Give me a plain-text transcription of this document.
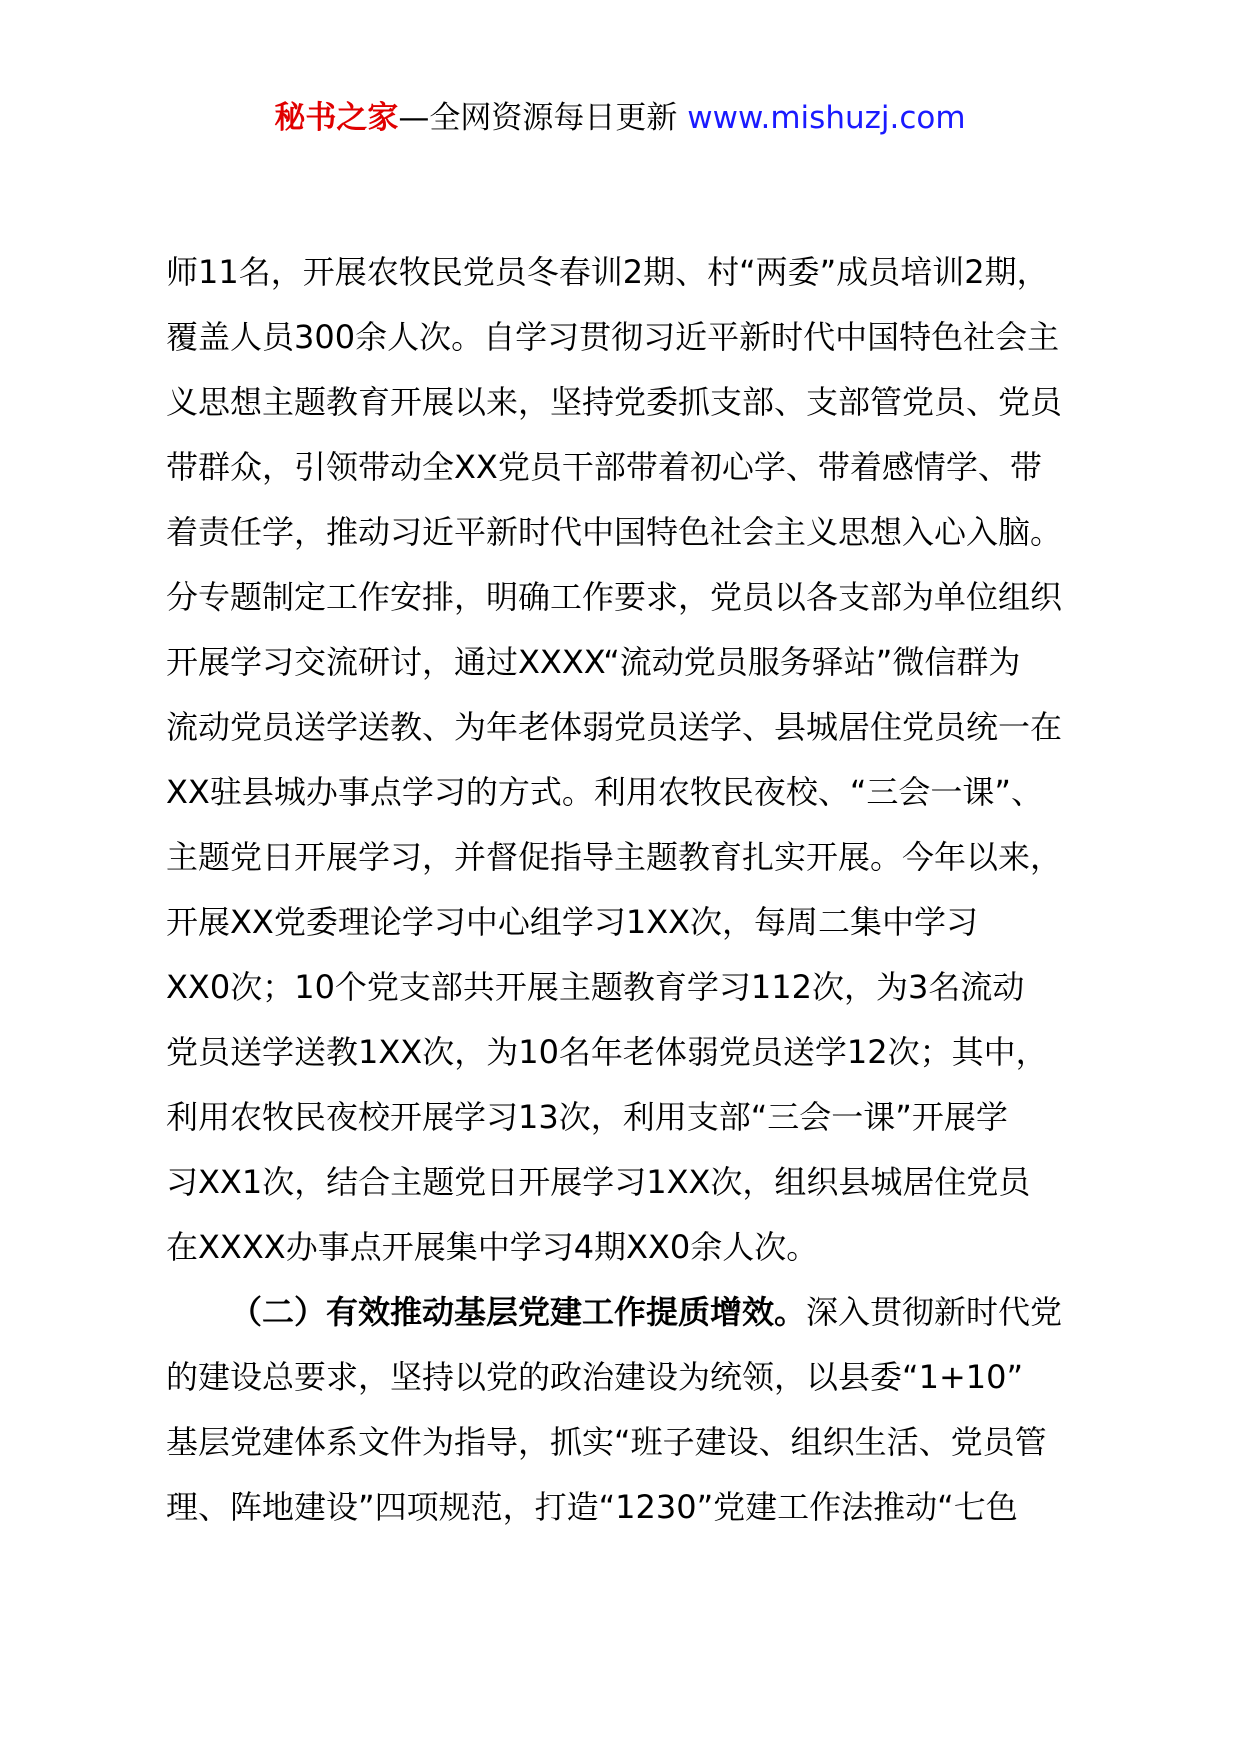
秘书之家—全网资源每日更新 www.mishuzj.com
师11名，开展农牧民党员冬春训2期、村“两委”成员培训2期，
覆盖人员300余人次。自学习贯彻习近平新时代中国特色社会主
义思想主题教育开展以来，坚持党委抓支部、支部管党员、党员
带群众，引领带动全XX党员干部带着初心学、带着感情学、带
着责任学，推动习近平新时代中国特色社会主义思想入心入脑。
分专题制定工作安排，明确工作要求，党员以各支部为单位组织
开展学习交流研讨，通过XXXX“流动党员服务驿站”微信群为
流动党员送学送教、为年老体弱党员送学、县城居住党员统一在
XX驻县城办事点学习的方式。利用农牧民夜校、“三会一课”、
主题党日开展学习，并督促指导主题教育扎实开展。今年以来，
开展XX党委理论学习中心组学习1XX次，每周二集中学习
XX0次；10个党支部共开展主题教育学习112次，为3名流动
党员送学送教1XX次，为10名年老体弱党员送学12次；其中，
利用农牧民夜校开展学习13次，利用支部“三会一课”开展学
习XX1次，结合主题党日开展学习1XX次，组织县城居住党员
在XXXX办事点开展集中学习4期XX0余人次。
（二）有效推动基层党建工作提质增效。深入贯彻新时代党
的建设总要求，坚持以党的政治建设为统领，以县委“1+10”
基层党建体系文件为指导，抓实“班子建设、组织生活、党员管
理、阵地建设”四项规范，打造“1230”党建工作法推动“七色
